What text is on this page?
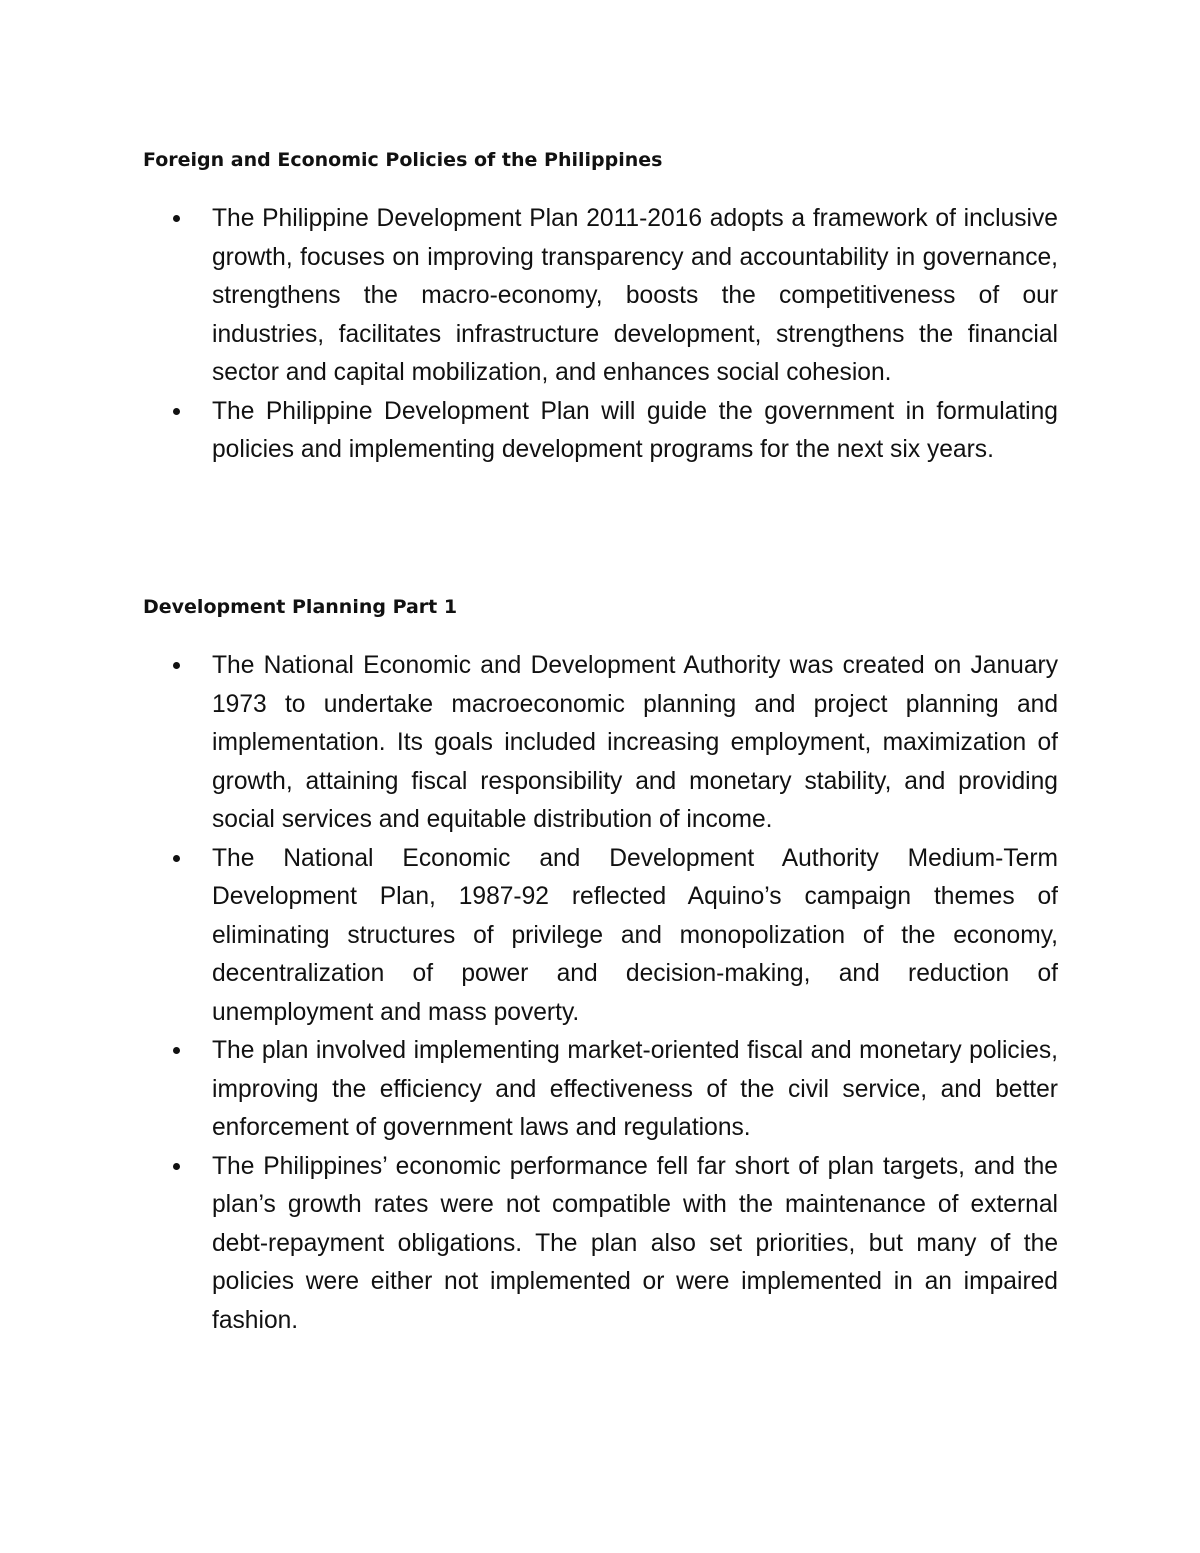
Foreign and Economic Policies of the Philippines
The Philippine Development Plan 2011-2016 adopts a framework of inclusive growth, focuses on improving transparency and accountability in governance, strengthens the macro-economy, boosts the competitiveness of our industries, facilitates infrastructure development, strengthens the financial sector and capital mobilization, and enhances social cohesion.
The Philippine Development Plan will guide the government in formulating policies and implementing development programs for the next six years.
Development Planning Part 1
The National Economic and Development Authority was created on January 1973 to undertake macroeconomic planning and project planning and implementation. Its goals included increasing employment, maximization of growth, attaining fiscal responsibility and monetary stability, and providing social services and equitable distribution of income.
The National Economic and Development Authority Medium-Term Development Plan, 1987-92 reflected Aquino’s campaign themes of eliminating structures of privilege and monopolization of the economy, decentralization of power and decision-making, and reduction of unemployment and mass poverty.
The plan involved implementing market-oriented fiscal and monetary policies, improving the efficiency and effectiveness of the civil service, and better enforcement of government laws and regulations.
The Philippines’ economic performance fell far short of plan targets, and the plan’s growth rates were not compatible with the maintenance of external debt-repayment obligations. The plan also set priorities, but many of the policies were either not implemented or were implemented in an impaired fashion.
